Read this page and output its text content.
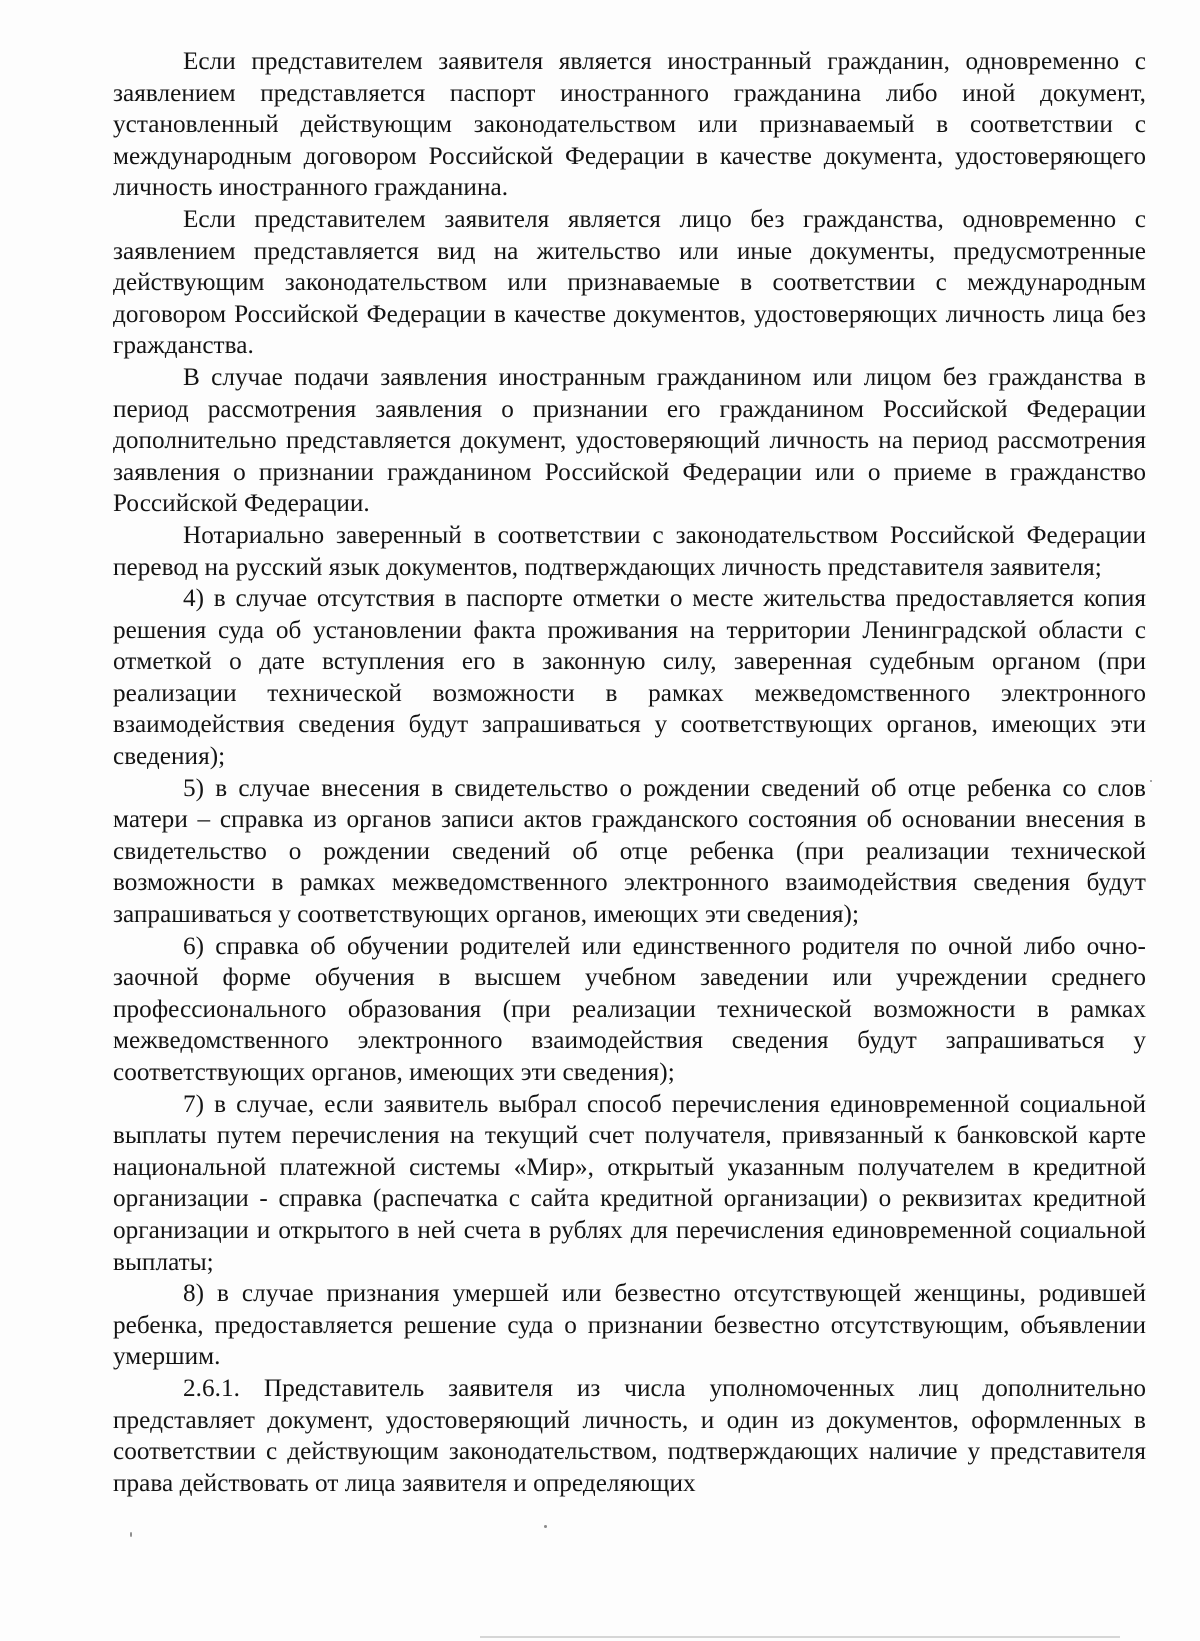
Если представителем заявителя является иностранный гражданин, одновременно с заявлением представляется паспорт иностранного гражданина либо иной документ, установленный действующим законодательством или признаваемый в соответствии с международным договором Российской Федерации в качестве документа, удостоверяющего личность иностранного гражданина.

Если представителем заявителя является лицо без гражданства, одновременно с заявлением представляется вид на жительство или иные документы, предусмотренные действующим законодательством или признаваемые в соответствии с международным договором Российской Федерации в качестве документов, удостоверяющих личность лица без гражданства.

В случае подачи заявления иностранным гражданином или лицом без гражданства в период рассмотрения заявления о признании его гражданином Российской Федерации дополнительно представляется документ, удостоверяющий личность на период рассмотрения заявления о признании гражданином Российской Федерации или о приеме в гражданство Российской Федерации.

Нотариально заверенный в соответствии с законодательством Российской Федерации перевод на русский язык документов, подтверждающих личность представителя заявителя;

4) в случае отсутствия в паспорте отметки о месте жительства предоставляется копия решения суда об установлении факта проживания на территории Ленинградской области с отметкой о дате вступления его в законную силу, заверенная судебным органом (при реализации технической возможности в рамках межведомственного электронного взаимодействия сведения будут запрашиваться у соответствующих органов, имеющих эти сведения);

5) в случае внесения в свидетельство о рождении сведений об отце ребенка со слов матери – справка из органов записи актов гражданского состояния об основании внесения в свидетельство о рождении сведений об отце ребенка (при реализации технической возможности в рамках межведомственного электронного взаимодействия сведения будут запрашиваться у соответствующих органов, имеющих эти сведения);

6) справка об обучении родителей или единственного родителя по очной либо очно-заочной форме обучения в высшем учебном заведении или учреждении среднего профессионального образования (при реализации технической возможности в рамках межведомственного электронного взаимодействия сведения будут запрашиваться у соответствующих органов, имеющих эти сведения);

7) в случае, если заявитель выбрал способ перечисления единовременной социальной выплаты путем перечисления на текущий счет получателя, привязанный к банковской карте национальной платежной системы «Мир», открытый указанным получателем в кредитной организации - справка (распечатка с сайта кредитной организации) о реквизитах кредитной организации и открытого в ней счета в рублях для перечисления единовременной социальной выплаты;

8) в случае признания умершей или безвестно отсутствующей женщины, родившей ребенка, предоставляется решение суда о признании безвестно отсутствующим, объявлении умершим.

2.6.1. Представитель заявителя из числа уполномоченных лиц дополнительно представляет документ, удостоверяющий личность, и один из документов, оформленных в соответствии с действующим законодательством, подтверждающих наличие у представителя права действовать от лица заявителя и определяющих
